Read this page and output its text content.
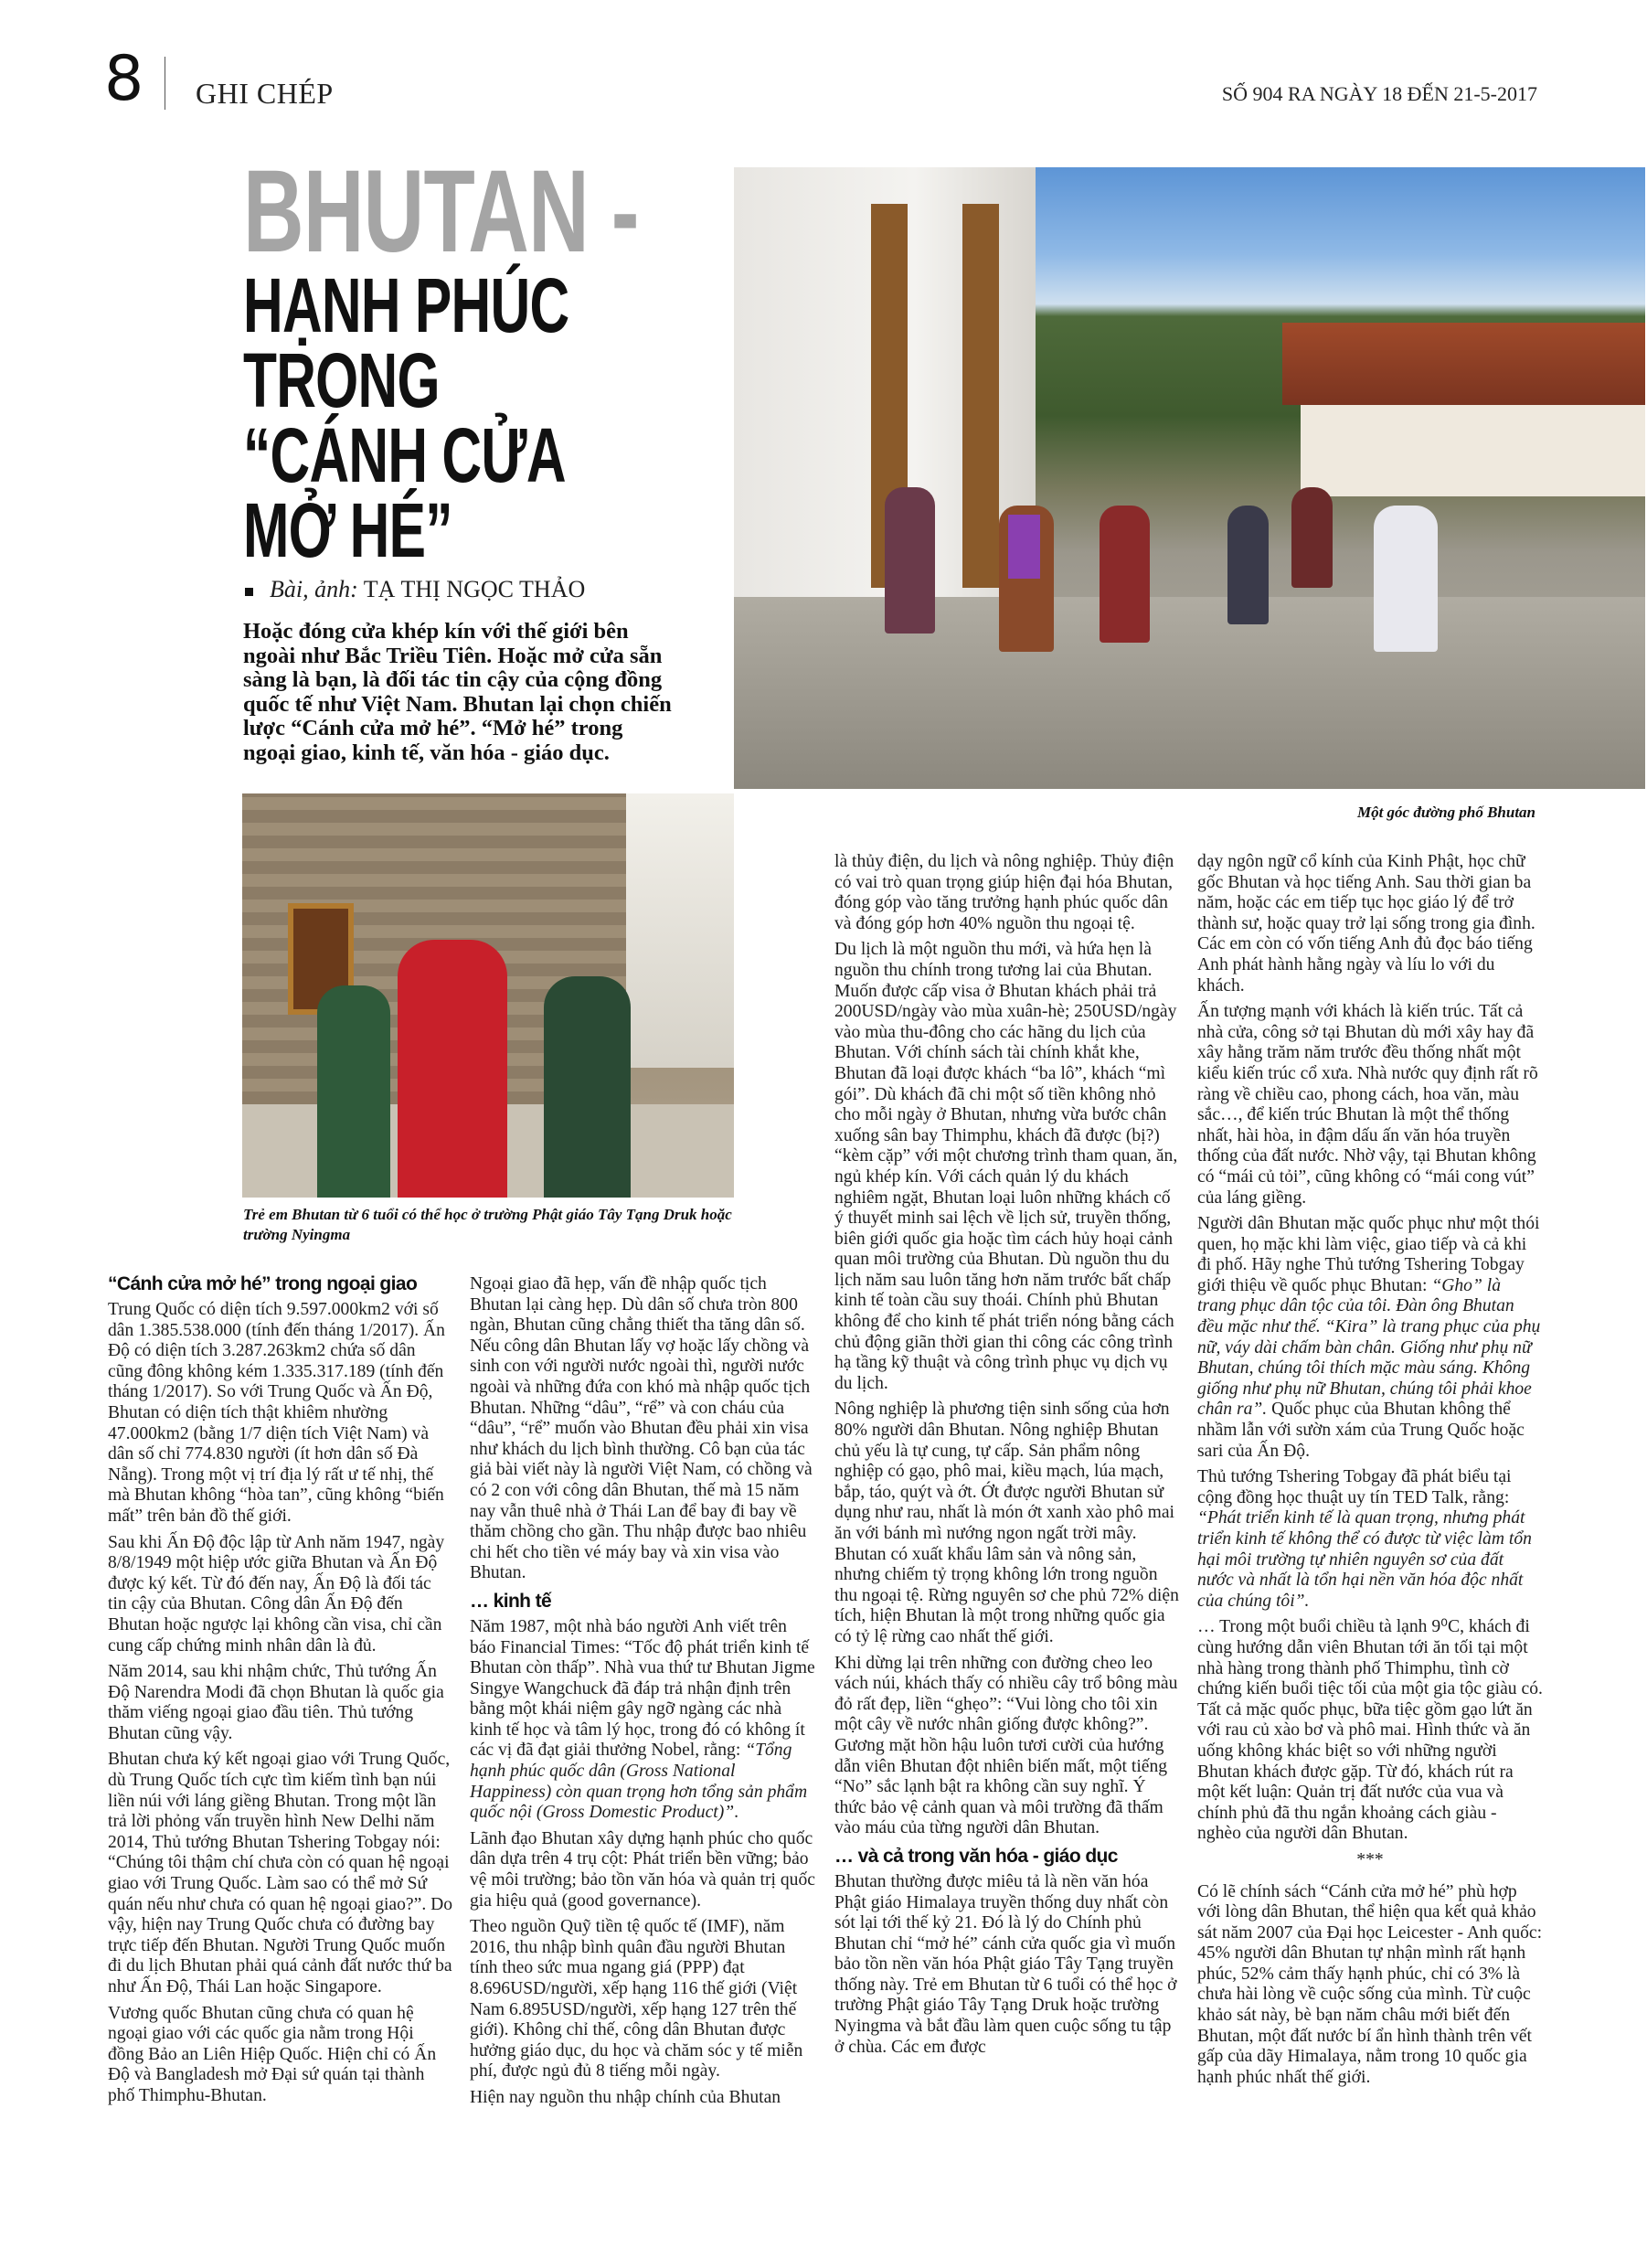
8 GHI CHÉP	SỐ 904 RA NGÀY 18 ĐẾN 21-5-2017
BHUTAN -
HẠNH PHÚC
TRONG
“CÁNH CỬA
MỞ HÉ”
Bài, ảnh: TẠ THỊ NGỌC THẢO
Hoặc đóng cửa khép kín với thế giới bên ngoài như Bắc Triều Tiên. Hoặc mở cửa sẵn sàng là bạn, là đối tác tin cậy của cộng đồng quốc tế như Việt Nam. Bhutan lại chọn chiến lược “Cánh cửa mở hé”. “Mở hé” trong ngoại giao, kinh tế, văn hóa - giáo dục.
Một góc đường phố Bhutan
Trẻ em Bhutan từ 6 tuổi có thể học ở trường Phật giáo Tây Tạng Druk hoặc trường Nyingma
“Cánh cửa mở hé” trong ngoại giao

Trung Quốc có diện tích 9.597.000km2 với số dân 1.385.538.000 (tính đến tháng 1/2017). Ấn Độ có diện tích 3.287.263km2 chứa số dân cũng đông không kém 1.335.317.189 (tính đến tháng 1/2017). So với Trung Quốc và Ấn Độ, Bhutan có diện tích thật khiêm nhường 47.000km2 (bằng 1/7 diện tích Việt Nam) và dân số chỉ 774.830 người (ít hơn dân số Đà Nẵng). Trong một vị trí địa lý rất ư tế nhị, thế mà Bhutan không “hòa tan”, cũng không “biến mất” trên bản đồ thế giới.

Sau khi Ấn Độ độc lập từ Anh năm 1947, ngày 8/8/1949 một hiệp ước giữa Bhutan và Ấn Độ được ký kết. Từ đó đến nay, Ấn Độ là đối tác tin cậy của Bhutan. Công dân Ấn Độ đến Bhutan hoặc ngược lại không cần visa, chỉ cần cung cấp chứng minh nhân dân là đủ.

Năm 2014, sau khi nhậm chức, Thủ tướng Ấn Độ Narendra Modi đã chọn Bhutan là quốc gia thăm viếng ngoại giao đầu tiên. Thủ tướng Bhutan cũng vậy.

Bhutan chưa ký kết ngoại giao với Trung Quốc, dù Trung Quốc tích cực tìm kiếm tình bạn núi liền núi với láng giềng Bhutan. Trong một lần trả lời phỏng vấn truyền hình New Delhi năm 2014, Thủ tướng Bhutan Tshering Tobgay nói: “Chúng tôi thậm chí chưa còn có quan hệ ngoại giao với Trung Quốc. Làm sao có thể mở Sứ quán nếu như chưa có quan hệ ngoại giao?”. Do vậy, hiện nay Trung Quốc chưa có đường bay trực tiếp đến Bhutan. Người Trung Quốc muốn đi du lịch Bhutan phải quá cảnh đất nước thứ ba như Ấn Độ, Thái Lan hoặc Singapore.

Vương quốc Bhutan cũng chưa có quan hệ ngoại giao với các quốc gia nằm trong Hội đồng Bảo an Liên Hiệp Quốc. Hiện chỉ có Ấn Độ và Bangladesh mở Đại sứ quán tại thành phố Thimphu-Bhutan.

Ngoại giao đã hẹp, vấn đề nhập quốc tịch Bhutan lại càng hẹp. Dù dân số chưa tròn 800 ngàn, Bhutan cũng chẳng thiết tha tăng dân số. Nếu công dân Bhutan lấy vợ hoặc lấy chồng và sinh con với người nước ngoài thì, người nước ngoài và những đứa con khó mà nhập quốc tịch Bhutan. Những “dâu”, “rể” và con cháu của “dâu”, “rể” muốn vào Bhutan đều phải xin visa như khách du lịch bình thường. Cô bạn của tác giả bài viết này là người Việt Nam, có chồng và có 2 con với công dân Bhutan, thế mà 15 năm nay vẫn thuê nhà ở Thái Lan để bay đi bay về thăm chồng cho gần. Thu nhập được bao nhiêu chi hết cho tiền vé máy bay và xin visa vào Bhutan.

… kinh tế

Năm 1987, một nhà báo người Anh viết trên báo Financial Times: “Tốc độ phát triển kinh tế Bhutan còn thấp”. Nhà vua thứ tư Bhutan Jigme Singye Wangchuck đã đáp trả nhận định trên bằng một khái niệm gây ngỡ ngàng các nhà kinh tế học và tâm lý học, trong đó có không ít các vị đã đạt giải thưởng Nobel, rằng: “Tổng hạnh phúc quốc dân (Gross National Happiness) còn quan trọng hơn tổng sản phẩm quốc nội (Gross Domestic Product)”.

Lãnh đạo Bhutan xây dựng hạnh phúc cho quốc dân dựa trên 4 trụ cột: Phát triển bền vững; bảo vệ môi trường; bảo tồn văn hóa và quản trị quốc gia hiệu quả (good governance).

Theo nguồn Quỹ tiền tệ quốc tế (IMF), năm 2016, thu nhập bình quân đầu người Bhutan tính theo sức mua ngang giá (PPP) đạt 8.696USD/người, xếp hạng 116 thế giới (Việt Nam 6.895USD/người, xếp hạng 127 trên thế giới). Không chỉ thế, công dân Bhutan được hưởng giáo dục, du học và chăm sóc y tế miễn phí, được ngủ đủ 8 tiếng mỗi ngày.

Hiện nay nguồn thu nhập chính của Bhutan

là thủy điện, du lịch và nông nghiệp. Thủy điện có vai trò quan trọng giúp hiện đại hóa Bhutan, đóng góp vào tăng trưởng hạnh phúc quốc dân và đóng góp hơn 40% nguồn thu ngoại tệ.

Du lịch là một nguồn thu mới, và hứa hẹn là nguồn thu chính trong tương lai của Bhutan. Muốn được cấp visa ở Bhutan khách phải trả 200USD/ngày vào mùa xuân-hè; 250USD/ngày vào mùa thu-đông cho các hãng du lịch của Bhutan. Với chính sách tài chính khắt khe, Bhutan đã loại được khách “ba lô”, khách “mì gói”. Dù khách đã chi một số tiền không nhỏ cho mỗi ngày ở Bhutan, nhưng vừa bước chân xuống sân bay Thimphu, khách đã được (bị?) “kèm cặp” với một chương trình tham quan, ăn, ngủ khép kín. Với cách quản lý du khách nghiêm ngặt, Bhutan loại luôn những khách cố ý thuyết minh sai lệch về lịch sử, truyền thống, biên giới quốc gia hoặc tìm cách hủy hoại cảnh quan môi trường của Bhutan. Dù nguồn thu du lịch năm sau luôn tăng hơn năm trước bất chấp kinh tế toàn cầu suy thoái. Chính phủ Bhutan không để cho kinh tế phát triển nóng bằng cách chủ động giãn thời gian thi công các công trình hạ tầng kỹ thuật và công trình phục vụ dịch vụ du lịch.

Nông nghiệp là phương tiện sinh sống của hơn 80% người dân Bhutan. Nông nghiệp Bhutan chủ yếu là tự cung, tự cấp. Sản phẩm nông nghiệp có gạo, phô mai, kiều mạch, lúa mạch, bắp, táo, quýt và ớt. Ớt được người Bhutan sử dụng như rau, nhất là món ớt xanh xào phô mai ăn với bánh mì nướng ngon ngất trời mây. Bhutan có xuất khẩu lâm sản và nông sản, nhưng chiếm tỷ trọng không lớn trong nguồn thu ngoại tệ. Rừng nguyên sơ che phủ 72% diện tích, hiện Bhutan là một trong những quốc gia có tỷ lệ rừng cao nhất thế giới.

Khi dừng lại trên những con đường cheo leo vách núi, khách thấy có nhiều cây trổ bông màu đỏ rất đẹp, liền “ghẹo”: “Vui lòng cho tôi xin một cây về nước nhân giống được không?”. Gương mặt hồn hậu luôn tươi cười của hướng dẫn viên Bhutan đột nhiên biến mất, một tiếng “No” sắc lạnh bật ra không cần suy nghĩ. Ý thức bảo vệ cảnh quan và môi trường đã thấm vào máu của từng người dân Bhutan.

… và cả trong văn hóa - giáo dục

Bhutan thường được miêu tả là nền văn hóa Phật giáo Himalaya truyền thống duy nhất còn sót lại tới thế kỷ 21. Đó là lý do Chính phủ Bhutan chỉ “mở hé” cánh cửa quốc gia vì muốn bảo tồn nền văn hóa Phật giáo Tây Tạng truyền thống này. Trẻ em Bhutan từ 6 tuổi có thể học ở trường Phật giáo Tây Tạng Druk hoặc trường Nyingma và bắt đầu làm quen cuộc sống tu tập ở chùa. Các em được

dạy ngôn ngữ cổ kính của Kinh Phật, học chữ gốc Bhutan và học tiếng Anh. Sau thời gian ba năm, hoặc các em tiếp tục học giáo lý để trở thành sư, hoặc quay trở lại sống trong gia đình. Các em còn có vốn tiếng Anh đủ đọc báo tiếng Anh phát hành hằng ngày và líu lo với du khách.

Ấn tượng mạnh với khách là kiến trúc. Tất cả nhà cửa, công sở tại Bhutan dù mới xây hay đã xây hằng trăm năm trước đều thống nhất một kiểu kiến trúc cổ xưa. Nhà nước quy định rất rõ ràng về chiều cao, phong cách, hoa văn, màu sắc…, để kiến trúc Bhutan là một thể thống nhất, hài hòa, in đậm dấu ấn văn hóa truyền thống của đất nước. Nhờ vậy, tại Bhutan không có “mái củ tỏi”, cũng không có “mái cong vút” của láng giềng.

Người dân Bhutan mặc quốc phục như một thói quen, họ mặc khi làm việc, giao tiếp và cả khi đi phố. Hãy nghe Thủ tướng Tshering Tobgay giới thiệu về quốc phục Bhutan: “Gho” là trang phục dân tộc của tôi. Đàn ông Bhutan đều mặc như thế. “Kira” là trang phục của phụ nữ, váy dài chấm bàn chân. Giống như phụ nữ Bhutan, chúng tôi thích mặc màu sáng. Không giống như phụ nữ Bhutan, chúng tôi phải khoe chân ra”. Quốc phục của Bhutan không thể nhầm lẫn với sườn xám của Trung Quốc hoặc sari của Ấn Độ.

Thủ tướng Tshering Tobgay đã phát biểu tại cộng đồng học thuật uy tín TED Talk, rằng: “Phát triển kinh tế là quan trọng, nhưng phát triển kinh tế không thể có được từ việc làm tổn hại môi trường tự nhiên nguyên sơ của đất nước và nhất là tổn hại nền văn hóa độc nhất của chúng tôi”.

… Trong một buổi chiều tà lạnh 9⁰C, khách đi cùng hướng dẫn viên Bhutan tới ăn tối tại một nhà hàng trong thành phố Thimphu, tình cờ chứng kiến buổi tiệc tối của một gia tộc giàu có. Tất cả mặc quốc phục, bữa tiệc gồm gạo lứt ăn với rau củ xào bơ và phô mai. Hình thức và ăn uống không khác biệt so với những người Bhutan khách được gặp. Từ đó, khách rút ra một kết luận: Quản trị đất nước của vua và chính phủ đã thu ngắn khoảng cách giàu - nghèo của người dân Bhutan.

***

Có lẽ chính sách “Cánh cửa mở hé” phù hợp với lòng dân Bhutan, thể hiện qua kết quả khảo sát năm 2007 của Đại học Leicester - Anh quốc: 45% người dân Bhutan tự nhận mình rất hạnh phúc, 52% cảm thấy hạnh phúc, chỉ có 3% là chưa hài lòng về cuộc sống của mình. Từ cuộc khảo sát này, bè bạn năm châu mới biết đến Bhutan, một đất nước bí ẩn hình thành trên vết gấp của dãy Himalaya, nằm trong 10 quốc gia hạnh phúc nhất thế giới.
